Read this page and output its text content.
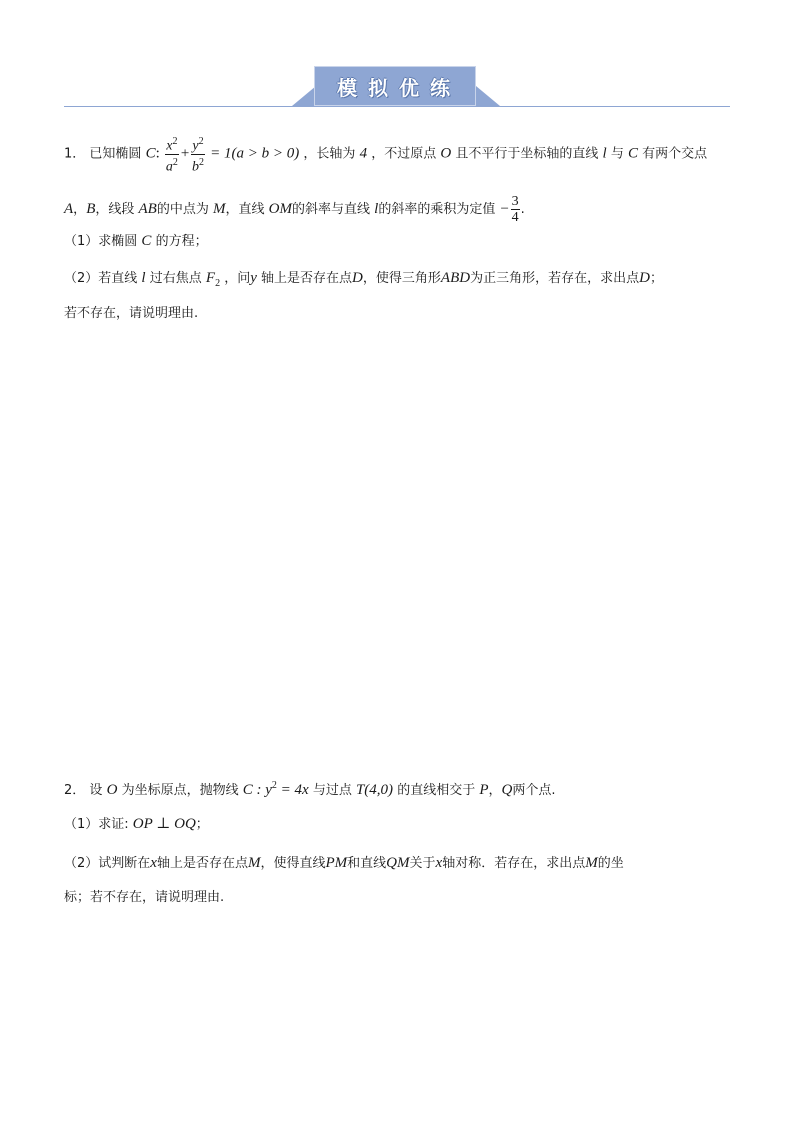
模拟优练
1． 已知椭圆 C: $\frac{x^2}{a^2} + \frac{y^2}{b^2} = 1(a > b > 0)$ ，长轴为 4 ，不过原点 O 且不平行于坐标轴的直线 l 与 C 有两个交点
A，B，线段 AB的中点为 M，直线 OM的斜率与直线 l的斜率的乘积为定值 − $\frac{3}{4}$ .
（1）求椭圆 C 的方程；
（2）若直线 l 过右焦点 $F_2$ ，问y 轴上是否存在点D，使得三角形ABD为正三角形，若存在，求出点D；
若不存在，请说明理由.
2． 设 O 为坐标原点，抛物线 C : $y^2 = 4x$ 与过点 T(4,0) 的直线相交于 P，Q两个点.
（1）求证: OP ⊥ OQ；
（2）试判断在x轴上是否存在点M，使得直线PM和直线QM关于x轴对称．若存在，求出点M的坐
标；若不存在，请说明理由.
